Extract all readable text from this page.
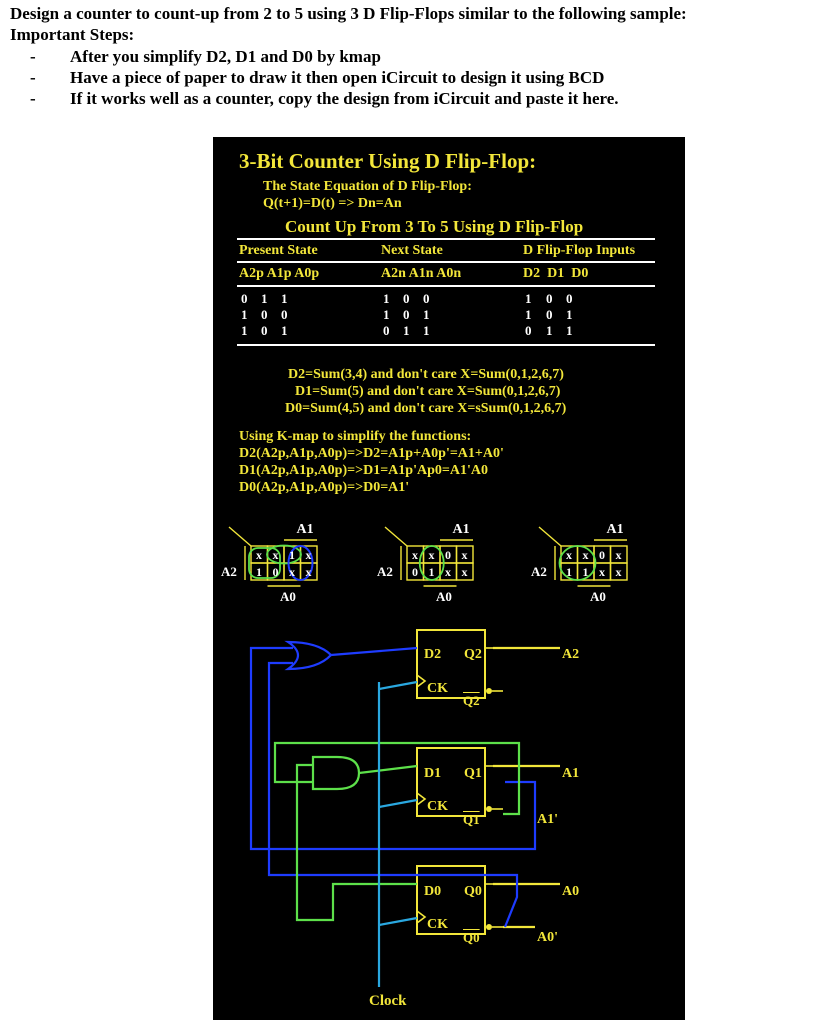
Design a counter to count-up from 2 to 5 using 3 D Flip-Flops similar to the following sample:
Important Steps:
- After you simplify D2, D1 and D0 by kmap
- Have a piece of paper to draw it then open iCircuit to design it using BCD
- If it works well as a counter, copy the design from iCircuit and paste it here.
3-Bit Counter Using D Flip-Flop:
The State Equation of D Flip-Flop:
Q(t+1)=D(t) => Dn=An
Count Up From 3 To 5 Using D Flip-Flop
Present State	Next State	D Flip-Flop Inputs
A2p A1p A0p	A2n A1n A0n	D2  D1  D0
0 1 1	1 0 0	1 0 0
1 0 0	1 0 1	1 0 1
1 0 1	0 1 1	0 1 1
D2=Sum(3,4) and don't care X=Sum(0,1,2,6,7)
D1=Sum(5) and don't care X=Sum(0,1,2,6,7)
D0=Sum(4,5) and don't care X=sSum(0,1,2,6,7)
Using K-map to simplify the functions:
D2(A2p,A1p,A0p)=>D2=A1p+A0p'=A1+A0'
D1(A2p,A1p,A0p)=>D1=A1p'Ap0=A1'A0
D0(A2p,A1p,A0p)=>D0=A1'
A1
A2
A0
x x 1 x
1 0 x x
A1
A2
A0
x x 0 x
0 1 x x
A1
A2
A0
x x 0 x
1 1 x x
D2 Q2
CK
Q2
D1 Q1
CK
Q1
D0 Q0
CK
Q0
A2
A1
A1'
A0
A0'
Clock
